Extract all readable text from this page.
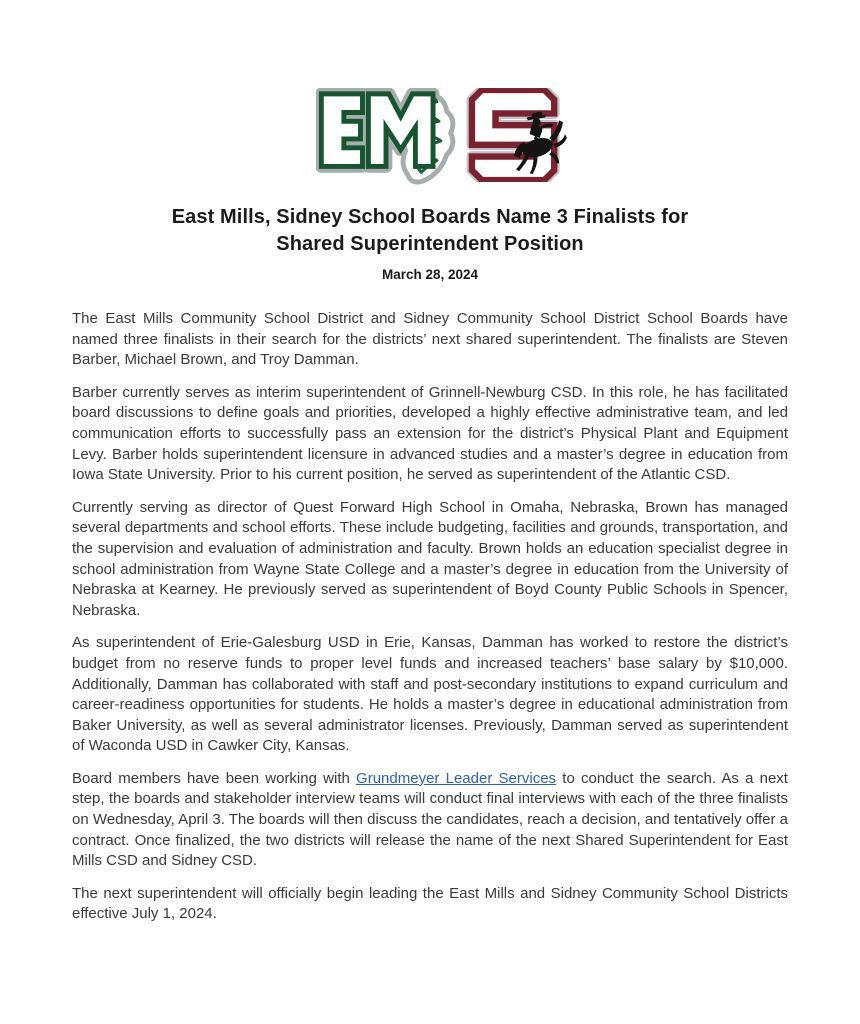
East Mills, Sidney School Boards Name 3 Finalists for
Shared Superintendent Position
March 28, 2024

The East Mills Community School District and Sidney Community School District School Boards have named three finalists in their search for the districts’ next shared superintendent. The finalists are Steven Barber, Michael Brown, and Troy Damman.

Barber currently serves as interim superintendent of Grinnell-Newburg CSD. In this role, he has facilitated board discussions to define goals and priorities, developed a highly effective administrative team, and led communication efforts to successfully pass an extension for the district’s Physical Plant and Equipment Levy. Barber holds superintendent licensure in advanced studies and a master’s degree in education from Iowa State University. Prior to his current position, he served as superintendent of the Atlantic CSD.

Currently serving as director of Quest Forward High School in Omaha, Nebraska, Brown has managed several departments and school efforts. These include budgeting, facilities and grounds, transportation, and the supervision and evaluation of administration and faculty. Brown holds an education specialist degree in school administration from Wayne State College and a master’s degree in education from the University of Nebraska at Kearney. He previously served as superintendent of Boyd County Public Schools in Spencer, Nebraska.

As superintendent of Erie-Galesburg USD in Erie, Kansas, Damman has worked to restore the district’s budget from no reserve funds to proper level funds and increased teachers’ base salary by $10,000. Additionally, Damman has collaborated with staff and post-secondary institutions to expand curriculum and career-readiness opportunities for students. He holds a master’s degree in educational administration from Baker University, as well as several administrator licenses. Previously, Damman served as superintendent of Waconda USD in Cawker City, Kansas.

Board members have been working with Grundmeyer Leader Services to conduct the search. As a next step, the boards and stakeholder interview teams will conduct final interviews with each of the three finalists on Wednesday, April 3. The boards will then discuss the candidates, reach a decision, and tentatively offer a contract. Once finalized, the two districts will release the name of the next Shared Superintendent for East Mills CSD and Sidney CSD.

The next superintendent will officially begin leading the East Mills and Sidney Community School Districts effective July 1, 2024.
